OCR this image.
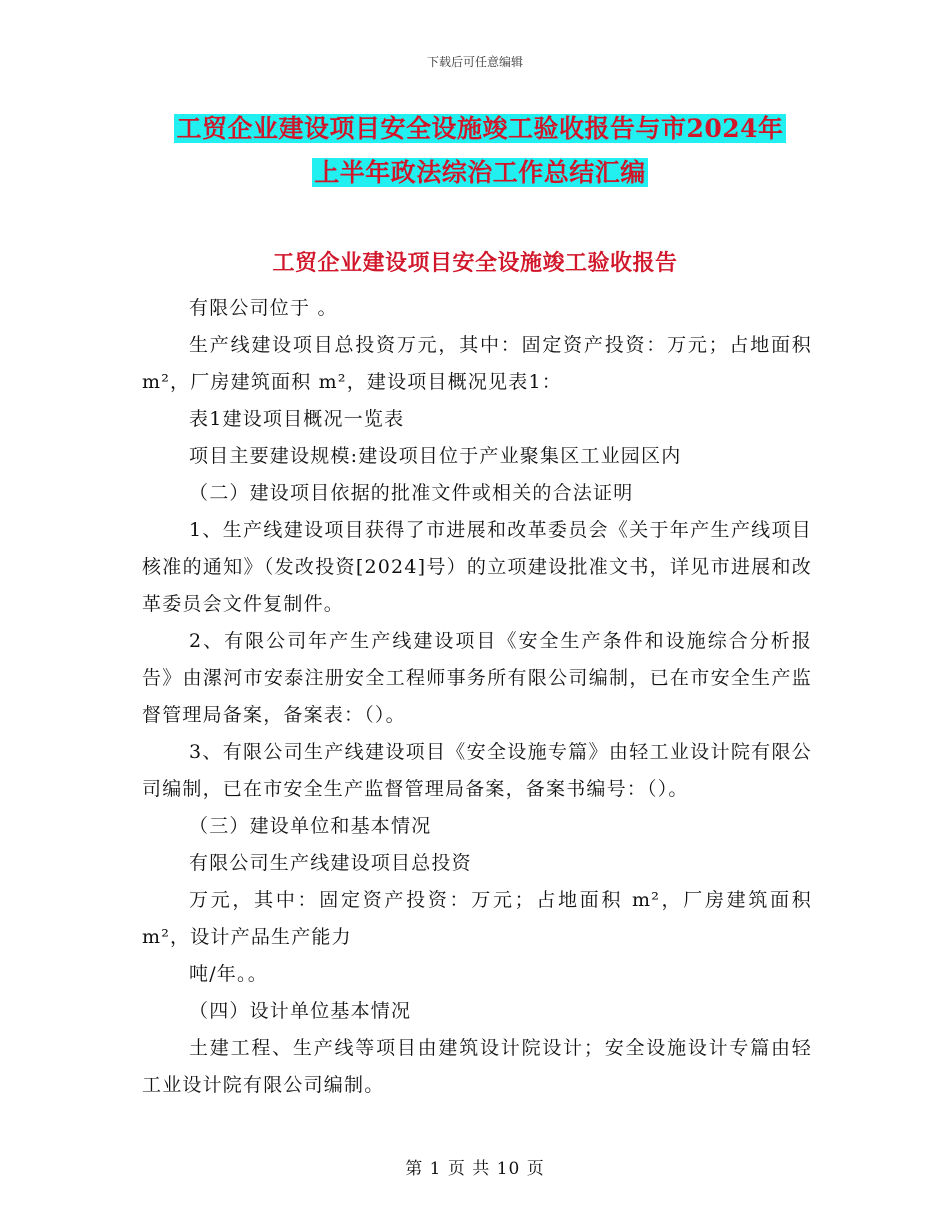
下载后可任意编辑
工贸企业建设项目安全设施竣工验收报告与市2024年
上半年政法综治工作总结汇编
工贸企业建设项目安全设施竣工验收报告

有限公司位于 。

生产线建设项目总投资万元，其中：固定资产投资：万元；占地面积 m²，厂房建筑面积 m²，建设项目概况见表1：

表1建设项目概况一览表

项目主要建设规模:建设项目位于产业聚集区工业园区内

（二）建设项目依据的批准文件或相关的合法证明

1、生产线建设项目获得了市进展和改革委员会《关于年产生产线项目核准的通知》（发改投资[2024]号）的立项建设批准文书，详见市进展和改革委员会文件复制件。

2、有限公司年产生产线建设项目《安全生产条件和设施综合分析报告》由漯河市安泰注册安全工程师事务所有限公司编制，已在市安全生产监督管理局备案，备案表：（）。

3、有限公司生产线建设项目《安全设施专篇》由轻工业设计院有限公司编制，已在市安全生产监督管理局备案，备案书编号：（）。

（三）建设单位和基本情况

有限公司生产线建设项目总投资

万元，其中：固定资产投资：万元；占地面积 m²，厂房建筑面积m²，设计产品生产能力

吨/年。。

（四）设计单位基本情况

土建工程、生产线等项目由建筑设计院设计；安全设施设计专篇由轻工业设计院有限公司编制。

第 1 页 共 10 页
